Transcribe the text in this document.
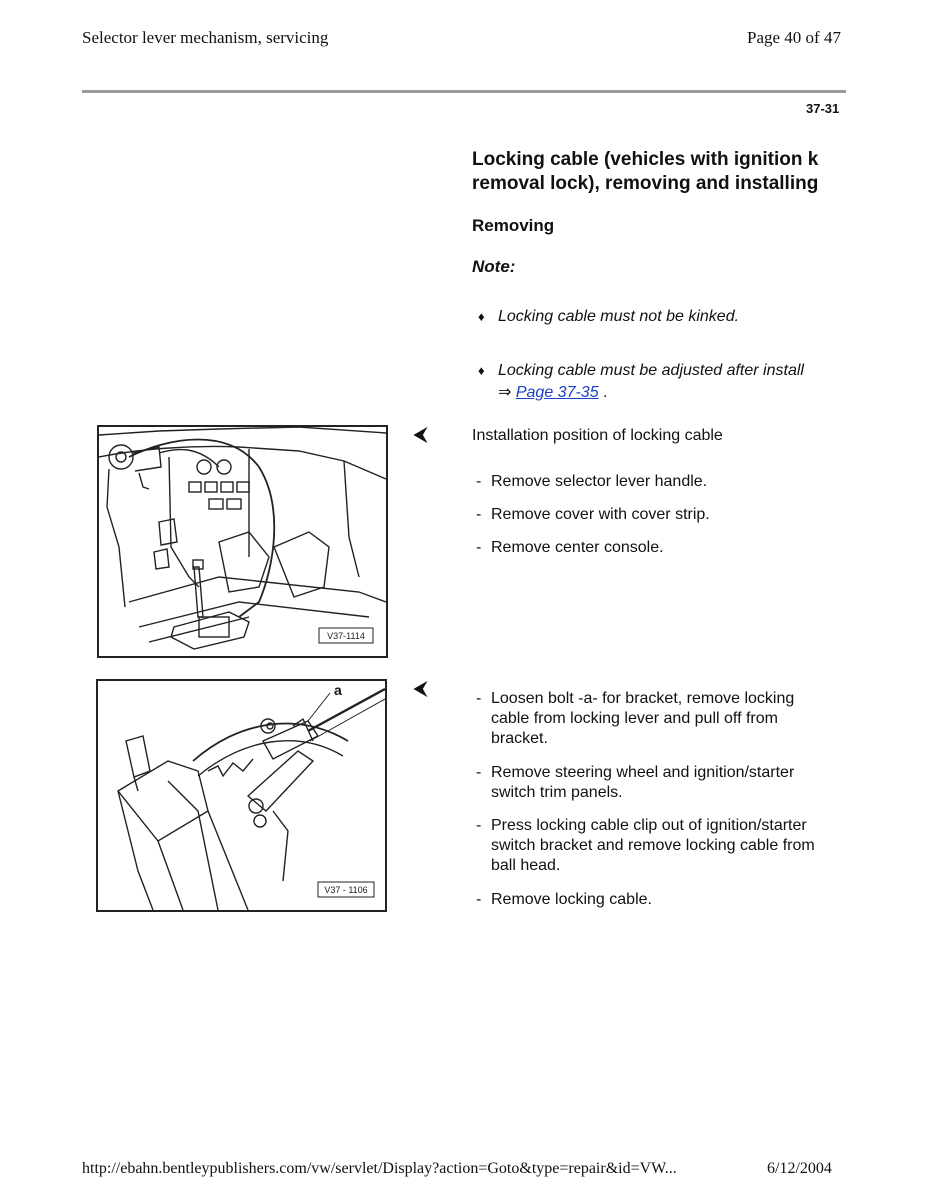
Selector lever mechanism, servicing	Page 40 of 47
37-31
Locking cable (vehicles with ignition k
removal lock), removing and installing
Removing
Note:
♦ Locking cable must not be kinked.
♦ Locking cable must be adjusted after install
⇒ Page 37-35 .
V37-1114
⮜	Installation position of locking cable
- Remove selector lever handle.
- Remove cover with cover strip.
- Remove center console.
a
V37 - 1106
⮜
- Loosen bolt -a- for bracket, remove locking cable from locking lever and pull off from bracket.
- Remove steering wheel and ignition/starter switch trim panels.
- Press locking cable clip out of ignition/starter switch bracket and remove locking cable from ball head.
- Remove locking cable.
http://ebahn.bentleypublishers.com/vw/servlet/Display?action=Goto&type=repair&id=VW...	6/12/2004
